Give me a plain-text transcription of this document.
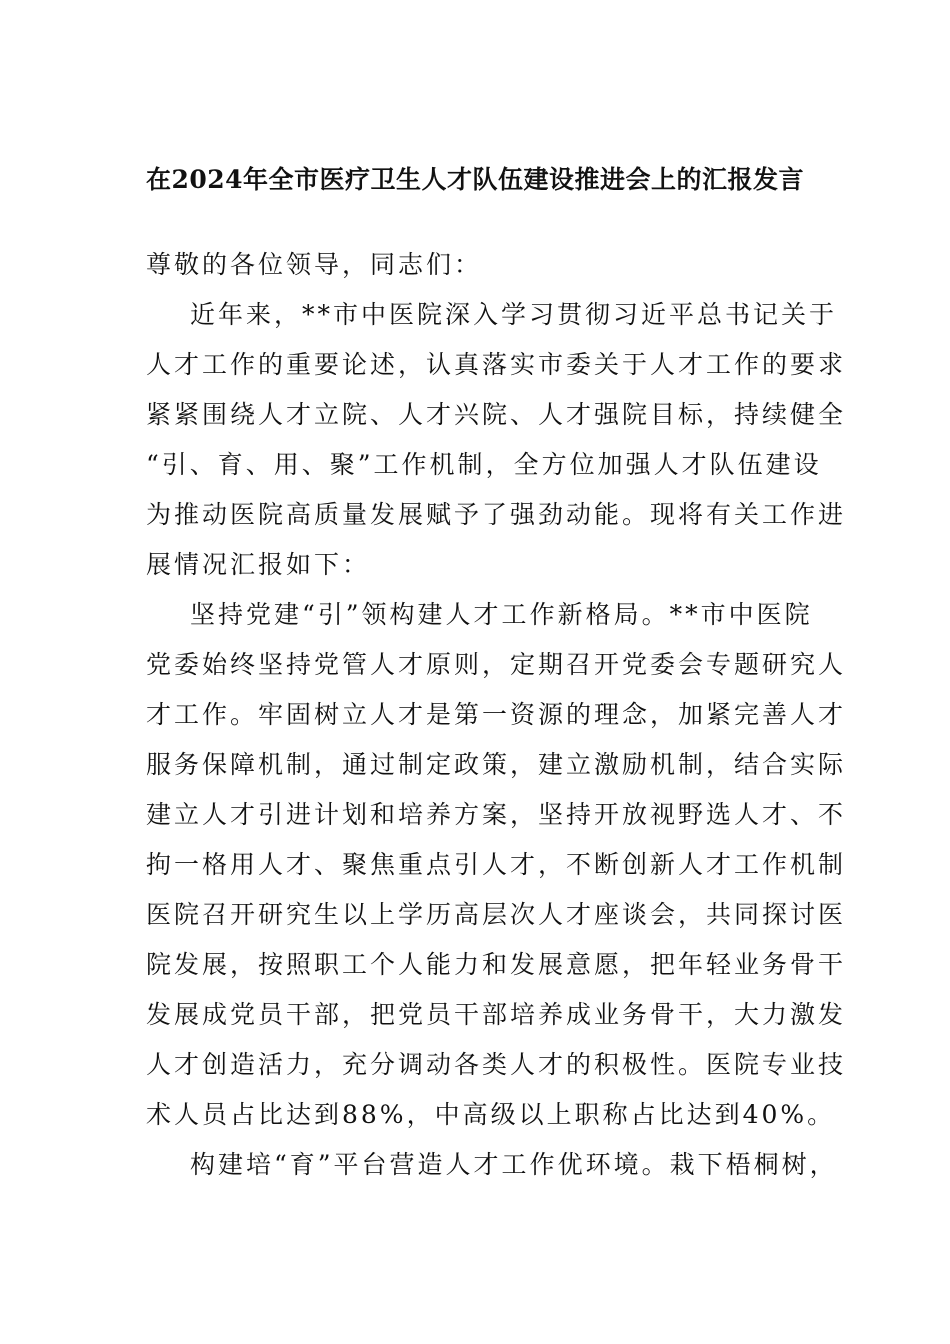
在2024年全市医疗卫生人才队伍建设推进会上的汇报发言
尊敬的各位领导，同志们：
近年来，**市中医院深入学习贯彻习近平总书记关于
人才工作的重要论述，认真落实市委关于人才工作的要求
紧紧围绕人才立院、人才兴院、人才强院目标，持续健全
“引、育、用、聚”工作机制，全方位加强人才队伍建设
为推动医院高质量发展赋予了强劲动能。现将有关工作进
展情况汇报如下：
坚持党建“引”领构建人才工作新格局。**市中医院
党委始终坚持党管人才原则，定期召开党委会专题研究人
才工作。牢固树立人才是第一资源的理念，加紧完善人才
服务保障机制，通过制定政策，建立激励机制，结合实际
建立人才引进计划和培养方案，坚持开放视野选人才、不
拘一格用人才、聚焦重点引人才，不断创新人才工作机制
医院召开研究生以上学历高层次人才座谈会，共同探讨医
院发展，按照职工个人能力和发展意愿，把年轻业务骨干
发展成党员干部，把党员干部培养成业务骨干，大力激发
人才创造活力，充分调动各类人才的积极性。医院专业技
术人员占比达到88%，中高级以上职称占比达到40%。
构建培“育”平台营造人才工作优环境。栽下梧桐树，
